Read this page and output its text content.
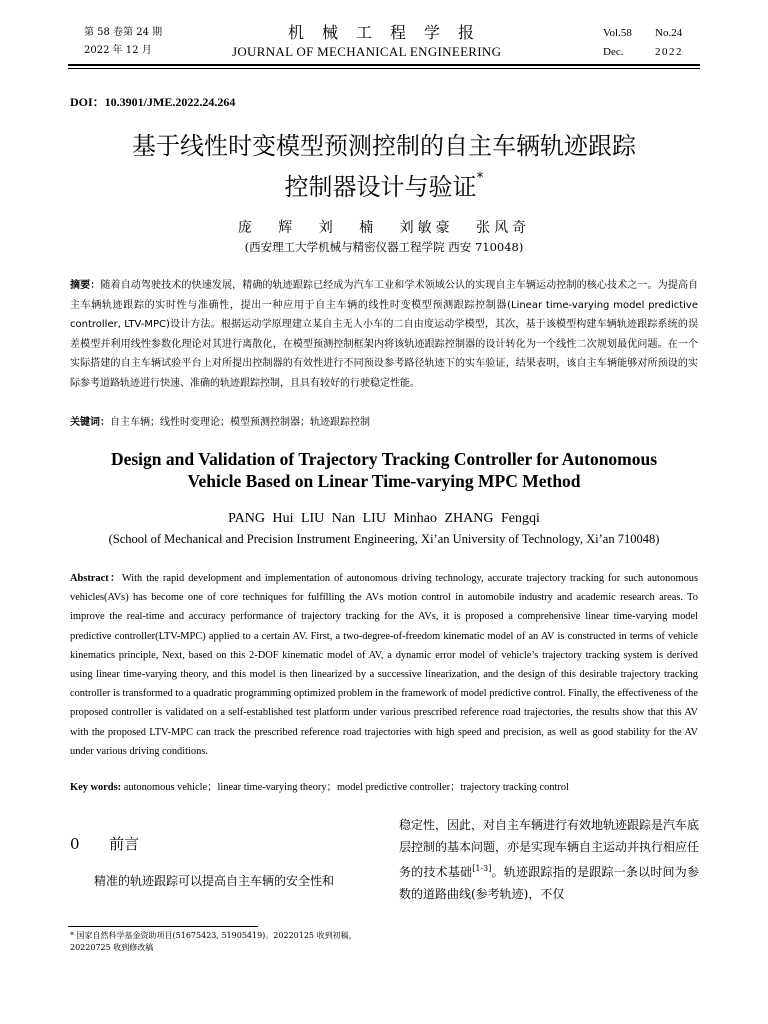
第 58 卷第 24 期
2022 年 12 月
机械工程学报
JOURNAL OF MECHANICAL ENGINEERING
Vol.58 No.24
Dec.	2022
DOI：10.3901/JME.2022.24.264
基于线性时变模型预测控制的自主车辆轨迹跟踪
控制器设计与验证*
庞 辉 刘 楠 刘敏豪 张风奇
(西安理工大学机械与精密仪器工程学院 西安 710048)
摘要：随着自动驾驶技术的快速发展，精确的轨迹跟踪已经成为汽车工业和学术领域公认的实现自主车辆运动控制的核心技术之一。为提高自主车辆轨迹跟踪的实时性与准确性，提出一种应用于自主车辆的线性时变模型预测跟踪控制器(Linear time-varying model predictive controller, LTV-MPC)设计方法。根据运动学原理建立某自主无人小车的二自由度运动学模型，其次，基于该模型构建车辆轨迹跟踪系统的误差模型并利用线性参数化理论对其进行离散化，在模型预测控制框架内将该轨迹跟踪控制器的设计转化为一个线性二次规划最优问题。在一个实际搭建的自主车辆试验平台上对所提出控制器的有效性进行不同预设参考路径轨迹下的实车验证，结果表明，该自主车辆能够对所预设的实际参考道路轨迹进行快速、准确的轨迹跟踪控制，且具有较好的行驶稳定性能。
关键词：自主车辆；线性时变理论；模型预测控制器；轨迹跟踪控制
Design and Validation of Trajectory Tracking Controller for Autonomous
Vehicle Based on Linear Time-varying MPC Method
PANG Hui LIU Nan LIU Minhao ZHANG Fengqi
(School of Mechanical and Precision Instrument Engineering, Xi’an University of Technology, Xi’an 710048)
Abstract：With the rapid development and implementation of autonomous driving technology, accurate trajectory tracking for such autonomous vehicles(AVs) has become one of core techniques for fulfilling the AVs motion control in automobile industry and academic research areas. To improve the real-time and accuracy performance of trajectory tracking for the AVs, it is proposed a comprehensive linear time-varying model predictive controller(LTV-MPC) applied to a certain AV. First, a two-degree-of-freedom kinematic model of an AV is constructed in terms of vehicle kinematics principle, Next, based on this 2-DOF kinematic model of AV, a dynamic error model of vehicle’s trajectory tracking system is derived using linear time-varying theory, and this model is then linearized by a successive linearization, and the design of this desirable trajectory tracking controller is transformed to a quadratic programming optimized problem in the framework of model predictive control. Finally, the effectiveness of the proposed controller is validated on a self-established test platform under various prescribed reference road trajectories, the results show that this AV with the proposed LTV-MPC can track the prescribed reference road trajectories with high speed and precision, as well as good stability for the AV under various driving conditions.
Key words: autonomous vehicle；linear time-varying theory；model predictive controller；trajectory tracking control
0 前言
精准的轨迹跟踪可以提高自主车辆的安全性和
稳定性，因此，对自主车辆进行有效地轨迹跟踪是汽车底层控制的基本问题，亦是实现车辆自主运动并执行相应任务的技术基础[1-3]。轨迹跟踪指的是跟踪一条以时间为参数的道路曲线(参考轨迹)，不仅
* 国家自然科学基金资助项目(51675423, 51905419)。20220125 收到初稿，
20220725 收到修改稿
